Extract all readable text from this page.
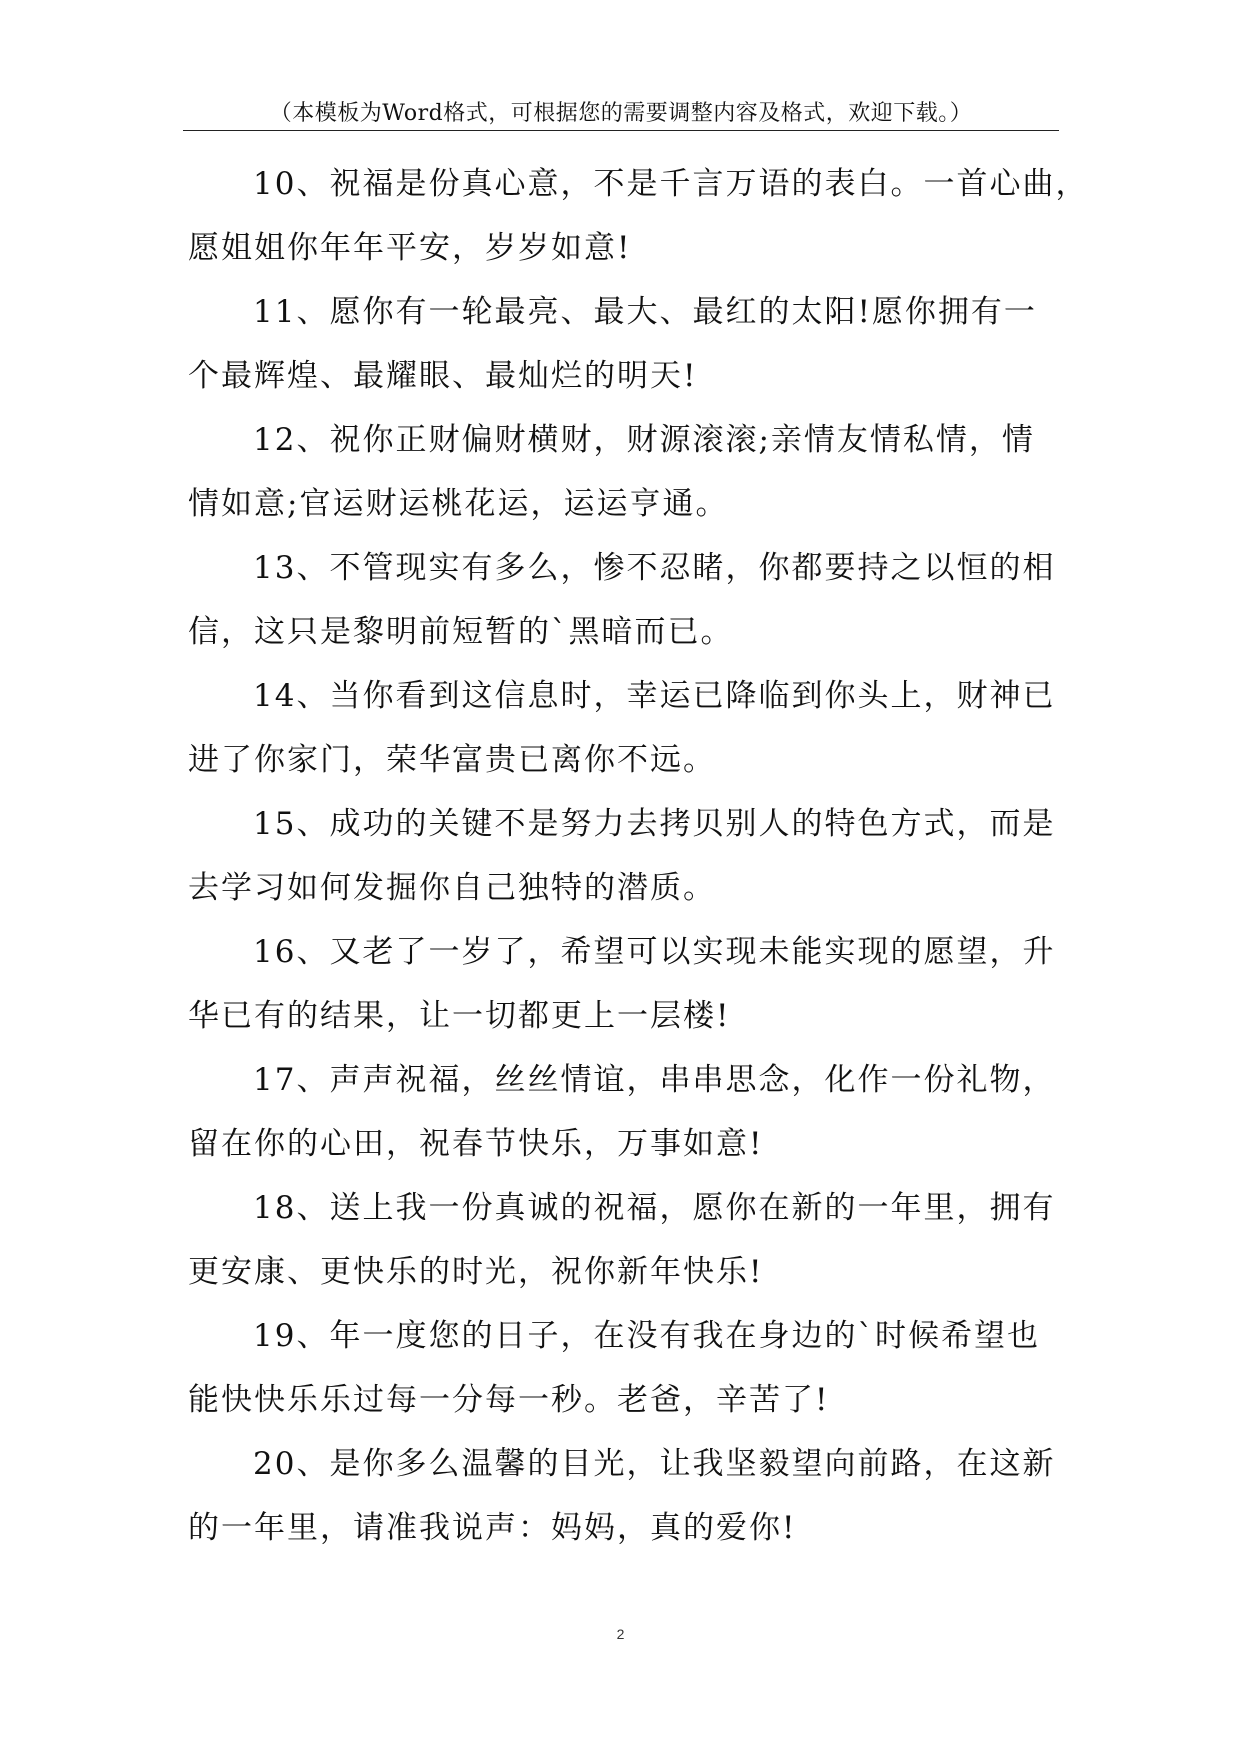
（本模板为Word格式，可根据您的需要调整内容及格式，欢迎下载。）
10、祝福是份真心意，不是千言万语的表白。一首心曲，
愿姐姐你年年平安，岁岁如意!
11、愿你有一轮最亮、最大、最红的太阳!愿你拥有一
个最辉煌、最耀眼、最灿烂的明天!
12、祝你正财偏财横财，财源滚滚;亲情友情私情，情
情如意;官运财运桃花运，运运亨通。
13、不管现实有多么，惨不忍睹，你都要持之以恒的相
信，这只是黎明前短暂的`黑暗而已。
14、当你看到这信息时，幸运已降临到你头上，财神已
进了你家门，荣华富贵已离你不远。
15、成功的关键不是努力去拷贝别人的特色方式，而是
去学习如何发掘你自己独特的潜质。
16、又老了一岁了，希望可以实现未能实现的愿望，升
华已有的结果，让一切都更上一层楼!
17、声声祝福，丝丝情谊，串串思念，化作一份礼物，
留在你的心田，祝春节快乐，万事如意!
18、送上我一份真诚的祝福，愿你在新的一年里，拥有
更安康、更快乐的时光，祝你新年快乐!
19、年一度您的日子，在没有我在身边的`时候希望也
能快快乐乐过每一分每一秒。老爸，辛苦了!
20、是你多么温馨的目光，让我坚毅望向前路，在这新
的一年里，请准我说声：妈妈，真的爱你!
2
